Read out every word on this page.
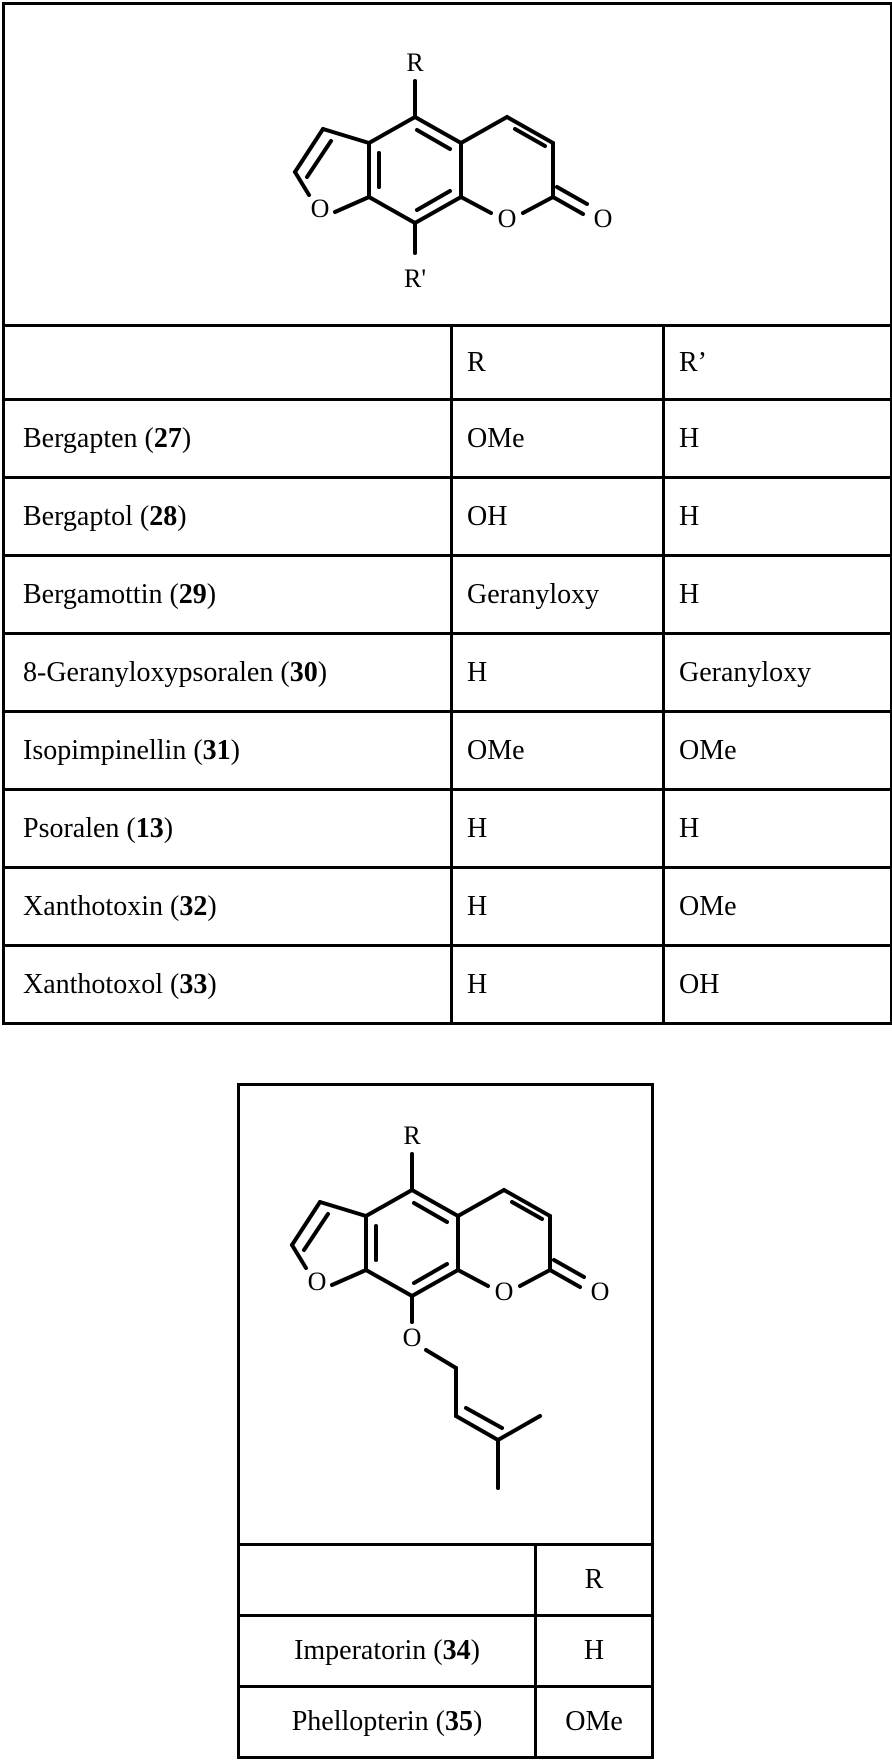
R
R'
O O O		

	R	R’
Bergapten (27)	OMe	H
Bergaptol (28)	OH	H
Bergamottin (29)	Geranyloxy	H
8-Geranyloxypsoralen (30)	H	Geranyloxy
Isopimpinellin (31)	OMe	OMe
Psoralen (13)	H	H
Xanthotoxin (32)	H	OMe
Xanthotoxol (33)	H	OH
R
O O O
O	

	R
Imperatorin (34)	H
Phellopterin (35)	OMe
